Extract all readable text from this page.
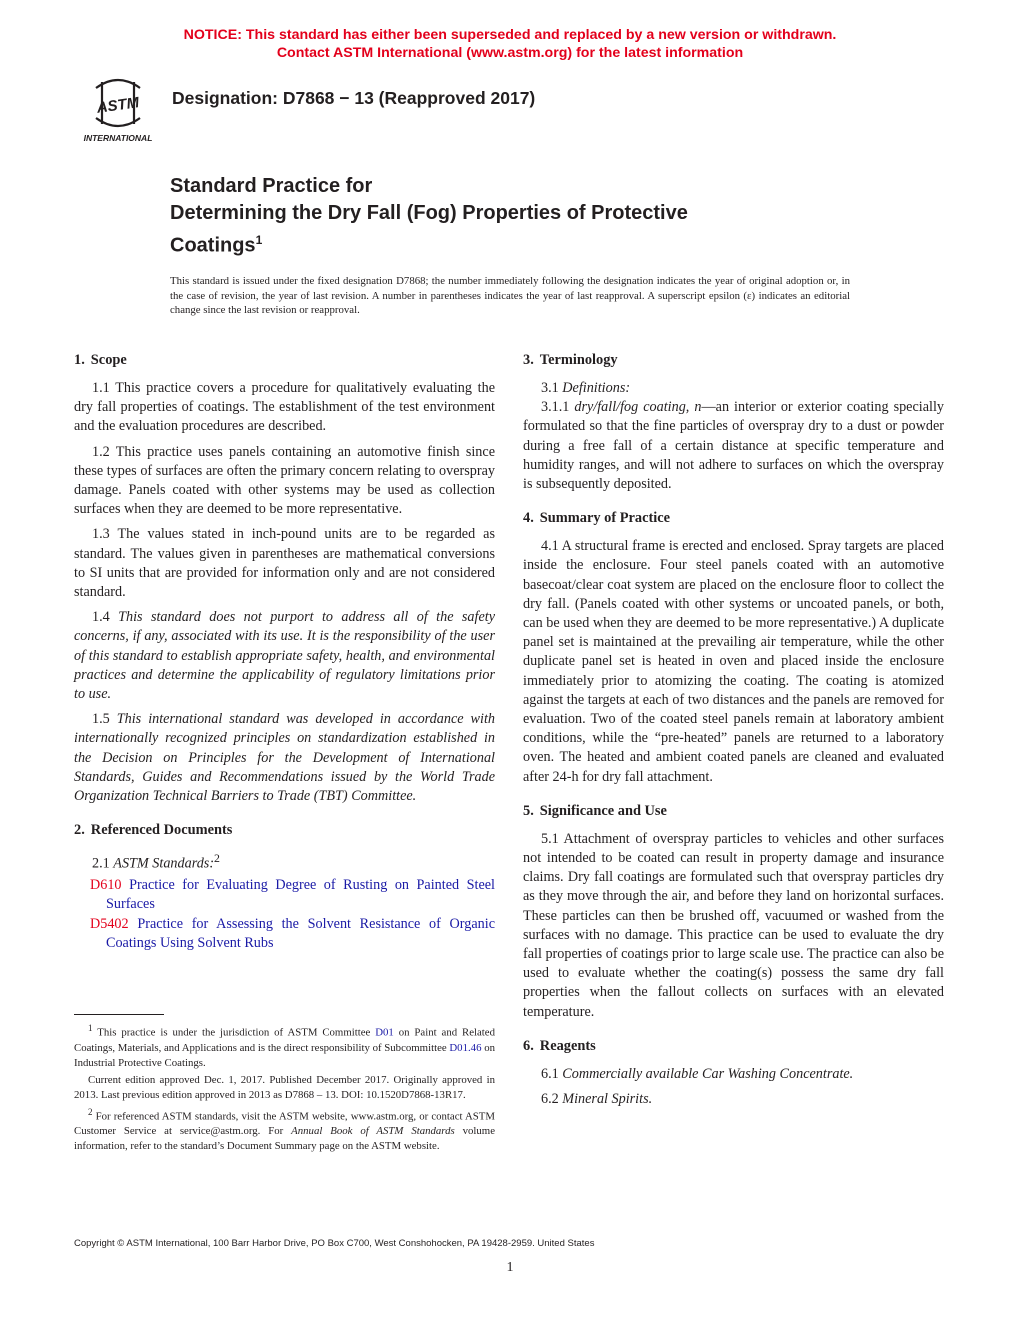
NOTICE: This standard has either been superseded and replaced by a new version or withdrawn.
Contact ASTM International (www.astm.org) for the latest information
ASTM
INTERNATIONAL
Designation: D7868 − 13 (Reapproved 2017)
Standard Practice for
Determining the Dry Fall (Fog) Properties of Protective
Coatings$^1$
This standard is issued under the fixed designation D7868; the number immediately following the designation indicates the year of original adoption or, in the case of revision, the year of last revision. A number in parentheses indicates the year of last reapproval. A superscript epsilon (ε) indicates an editorial change since the last revision or reapproval.
1. Scope

1.1 This practice covers a procedure for qualitatively evaluating the dry fall properties of coatings. The establishment of the test environment and the evaluation procedures are described.

1.2 This practice uses panels containing an automotive finish since these types of surfaces are often the primary concern relating to overspray damage. Panels coated with other systems may be used as collection surfaces when they are deemed to be more representative.

1.3 The values stated in inch-pound units are to be regarded as standard. The values given in parentheses are mathematical conversions to SI units that are provided for information only and are not considered standard.

1.4 This standard does not purport to address all of the safety concerns, if any, associated with its use. It is the responsibility of the user of this standard to establish appropriate safety, health, and environmental practices and determine the applicability of regulatory limitations prior to use.

1.5 This international standard was developed in accordance with internationally recognized principles on standardization established in the Decision on Principles for the Development of International Standards, Guides and Recommendations issued by the World Trade Organization Technical Barriers to Trade (TBT) Committee.

2. Referenced Documents

2.1 ASTM Standards:$^2$

D610 Practice for Evaluating Degree of Rusting on Painted Steel Surfaces

D5402 Practice for Assessing the Solvent Resistance of Organic Coatings Using Solvent Rubs

3. Terminology

3.1 Definitions:

3.1.1 dry/fall/fog coating, n—an interior or exterior coating specially formulated so that the fine particles of overspray dry to a dust or powder during a free fall of a certain distance at specific temperature and humidity ranges, and will not adhere to surfaces on which the overspray is subsequently deposited.

4. Summary of Practice

4.1 A structural frame is erected and enclosed. Spray targets are placed inside the enclosure. Four steel panels coated with an automotive basecoat/clear coat system are placed on the enclosure floor to collect the dry fall. (Panels coated with other systems or uncoated panels, or both, can be used when they are deemed to be more representative.) A duplicate panel set is maintained at the prevailing air temperature, while the other duplicate panel set is heated in oven and placed inside the enclosure immediately prior to atomizing the coating. The coating is atomized against the targets at each of two distances and the panels are removed for evaluation. Two of the coated steel panels remain at laboratory ambient conditions, while the “pre-heated” panels are returned to a laboratory oven. The heated and ambient coated panels are cleaned and evaluated after 24-h for dry fall attachment.

5. Significance and Use

5.1 Attachment of overspray particles to vehicles and other surfaces not intended to be coated can result in property damage and insurance claims. Dry fall coatings are formulated such that overspray particles dry as they move through the air, and before they land on horizontal surfaces. These particles can then be brushed off, vacuumed or washed from the surfaces with no damage. This practice can be used to evaluate the dry fall properties of coatings prior to large scale use. The practice can also be used to evaluate whether the coating(s) possess the same dry fall properties when the fallout collects on surfaces with an elevated temperature.

6. Reagents

6.1 Commercially available Car Washing Concentrate.

6.2 Mineral Spirits.

$^1$ This practice is under the jurisdiction of ASTM Committee D01 on Paint and Related Coatings, Materials, and Applications and is the direct responsibility of Subcommittee D01.46 on Industrial Protective Coatings.

Current edition approved Dec. 1, 2017. Published December 2017. Originally approved in 2013. Last previous edition approved in 2013 as D7868 – 13. DOI: 10.1520D7868-13R17.

$^2$ For referenced ASTM standards, visit the ASTM website, www.astm.org, or contact ASTM Customer Service at service@astm.org. For Annual Book of ASTM Standards volume information, refer to the standard’s Document Summary page on the ASTM website.

Copyright © ASTM International, 100 Barr Harbor Drive, PO Box C700, West Conshohocken, PA 19428-2959. United States
1
